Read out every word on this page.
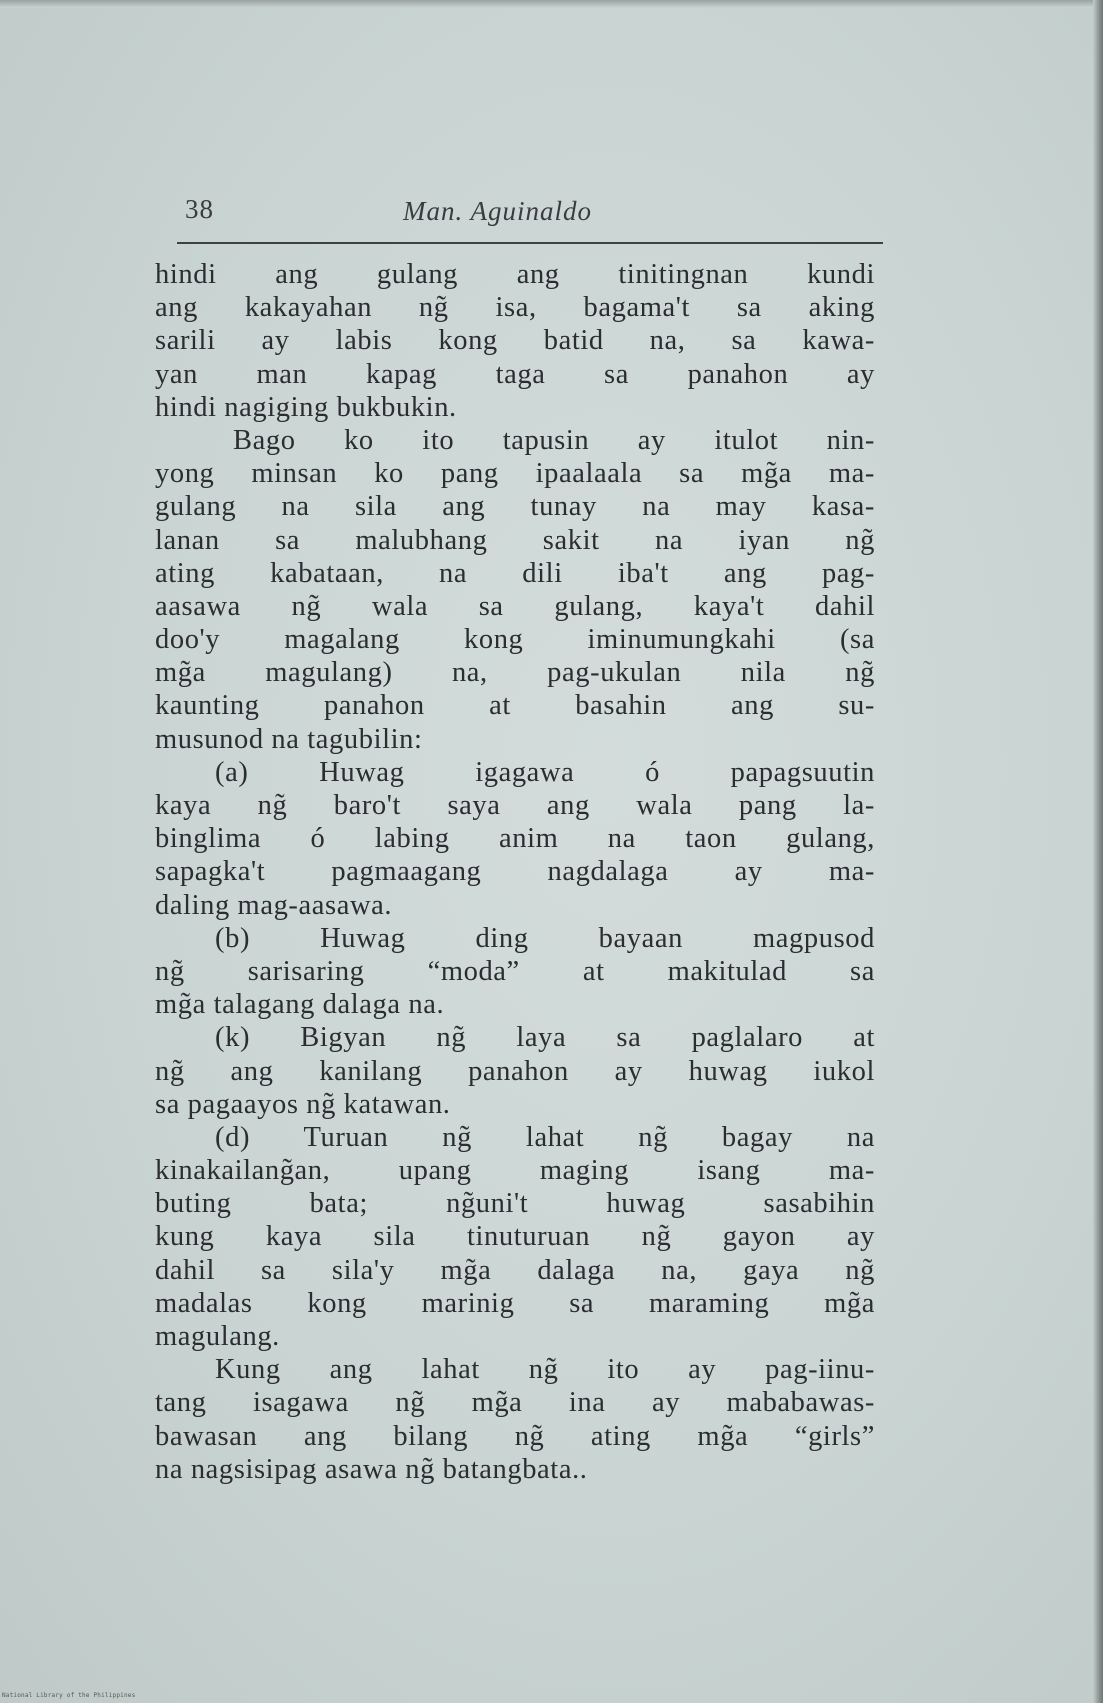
38	Man. Aguinaldo
hindi ang gulang ang tinitingnan kundi
ang kakayahan ng̃ isa, bagama't sa aking
sarili ay labis kong batid na, sa kawa-
yan man kapag taga sa panahon ay
hindi nagiging bukbukin.
Bago ko ito tapusin ay itulot nin-
yong minsan ko pang ipaalaala sa mg̃a ma-
gulang na sila ang tunay na may kasa-
lanan sa malubhang sakit na iyan ng̃
ating kabataan, na dili iba't ang pag-
aasawa ng̃ wala sa gulang, kaya't dahil
doo'y magalang kong iminumungkahi (sa
mg̃a magulang) na, pag-ukulan nila ng̃
kaunting panahon at basahin ang su-
musunod na tagubilin:
(a) Huwag igagawa ó papagsuutin
kaya ng̃ baro't saya ang wala pang la-
binglima ó labing anim na taon gulang,
sapagka't pagmaagang nagdalaga ay ma-
daling mag-aasawa.
(b) Huwag ding bayaan magpusod
ng̃ sarisaring “moda” at makitulad sa
mg̃a talagang dalaga na.
(k) Bigyan ng̃ laya sa paglalaro at
ng̃ ang kanilang panahon ay huwag iukol
sa pagaayos ng̃ katawan.
(d) Turuan ng̃ lahat ng̃ bagay na
kinakailang̃an, upang maging isang ma-
buting bata; ng̃uni't huwag sasabihin
kung kaya sila tinuturuan ng̃ gayon ay
dahil sa sila'y mg̃a dalaga na, gaya ng̃
madalas kong marinig sa maraming mg̃a
magulang.
Kung ang lahat ng̃ ito ay pag-iinu-
tang isagawa ng̃ mg̃a ina ay mababawas-
bawasan ang bilang ng̃ ating mg̃a “girls”
na nagsisipag asawa ng̃ batangbata..
National Library of the Philippines
